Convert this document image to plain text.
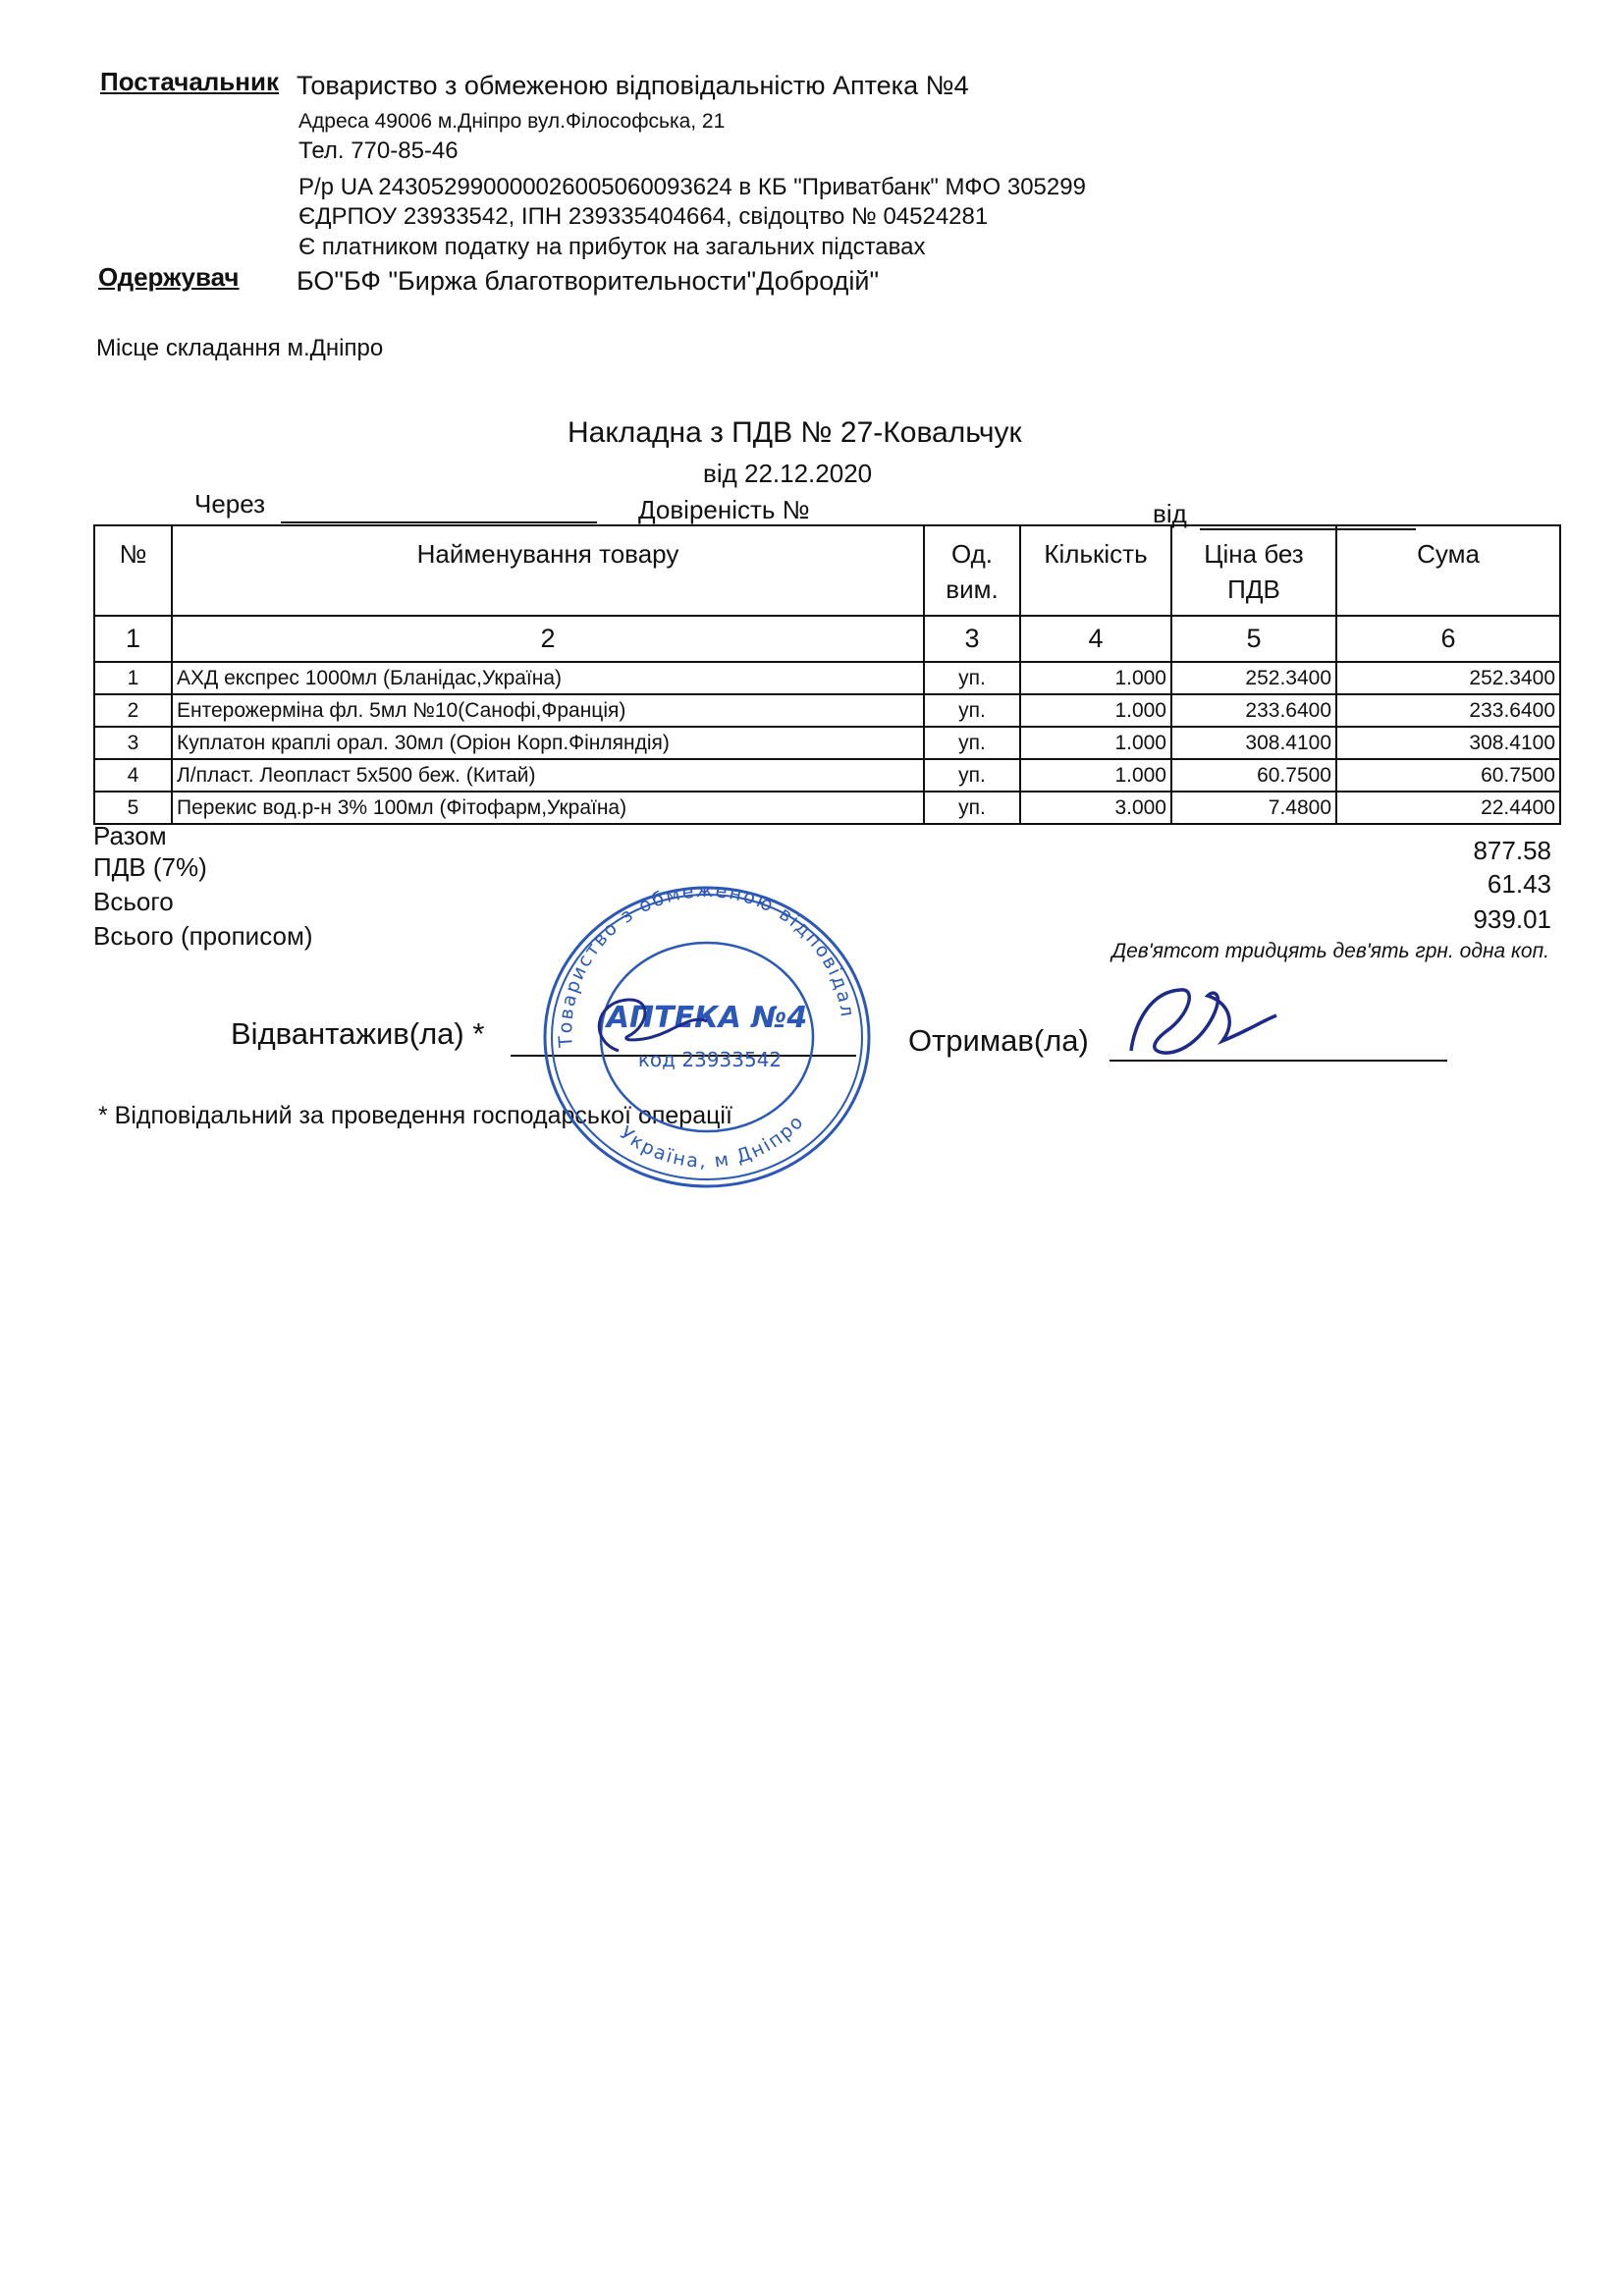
Постачальник Товариство з обмеженою відповідальністю Аптека №4
Адреса 49006 м.Дніпро вул.Філософська, 21
Тел. 770-85-46
Р/р UA 243052990000026005060093624 в КБ "Приватбанк" МФО 305299
ЄДРПОУ 23933542, ІПН 239335404664, свідоцтво № 04524281
Є платником податку на прибуток на загальних підставах
Одержувач БО"БФ "Биржа благотворительности"Добродій"
Місце складання м.Дніпро
Накладна з ПДВ № 27-Ковальчук
від 22.12.2020
Через	Довіреність №	від
№	Найменування товару	Од. вим.	Кількість	Ціна без ПДВ	Сума
1	2	3	4	5	6
1	АХД експрес 1000мл (Бланідас,Україна)	уп.	1.000	252.3400	252.3400
2	Ентерожерміна фл. 5мл №10(Санофі,Франція)	уп.	1.000	233.6400	233.6400
3	Куплатон краплі орал. 30мл (Оріон Корп.Фінляндія)	уп.	1.000	308.4100	308.4100
4	Л/пласт. Леопласт 5х500 беж. (Китай)	уп.	1.000	60.7500	60.7500
5	Перекис вод.р-н 3% 100мл (Фітофарм,Україна)	уп.	3.000	7.4800	22.4400
Разом	877.58
ПДВ (7%)
61.43
Всього
939.01
Всього (прописом)
Дев'ятсот тридцять дев'ять грн. одна коп.
Відвантажив(ла) *	Отримав(ла)
* Відповідальний за проведення господарської операції
Товариство з обмеженою відповідальністю
Україна, м Дніпро
АПТЕКА №4
код 23933542
